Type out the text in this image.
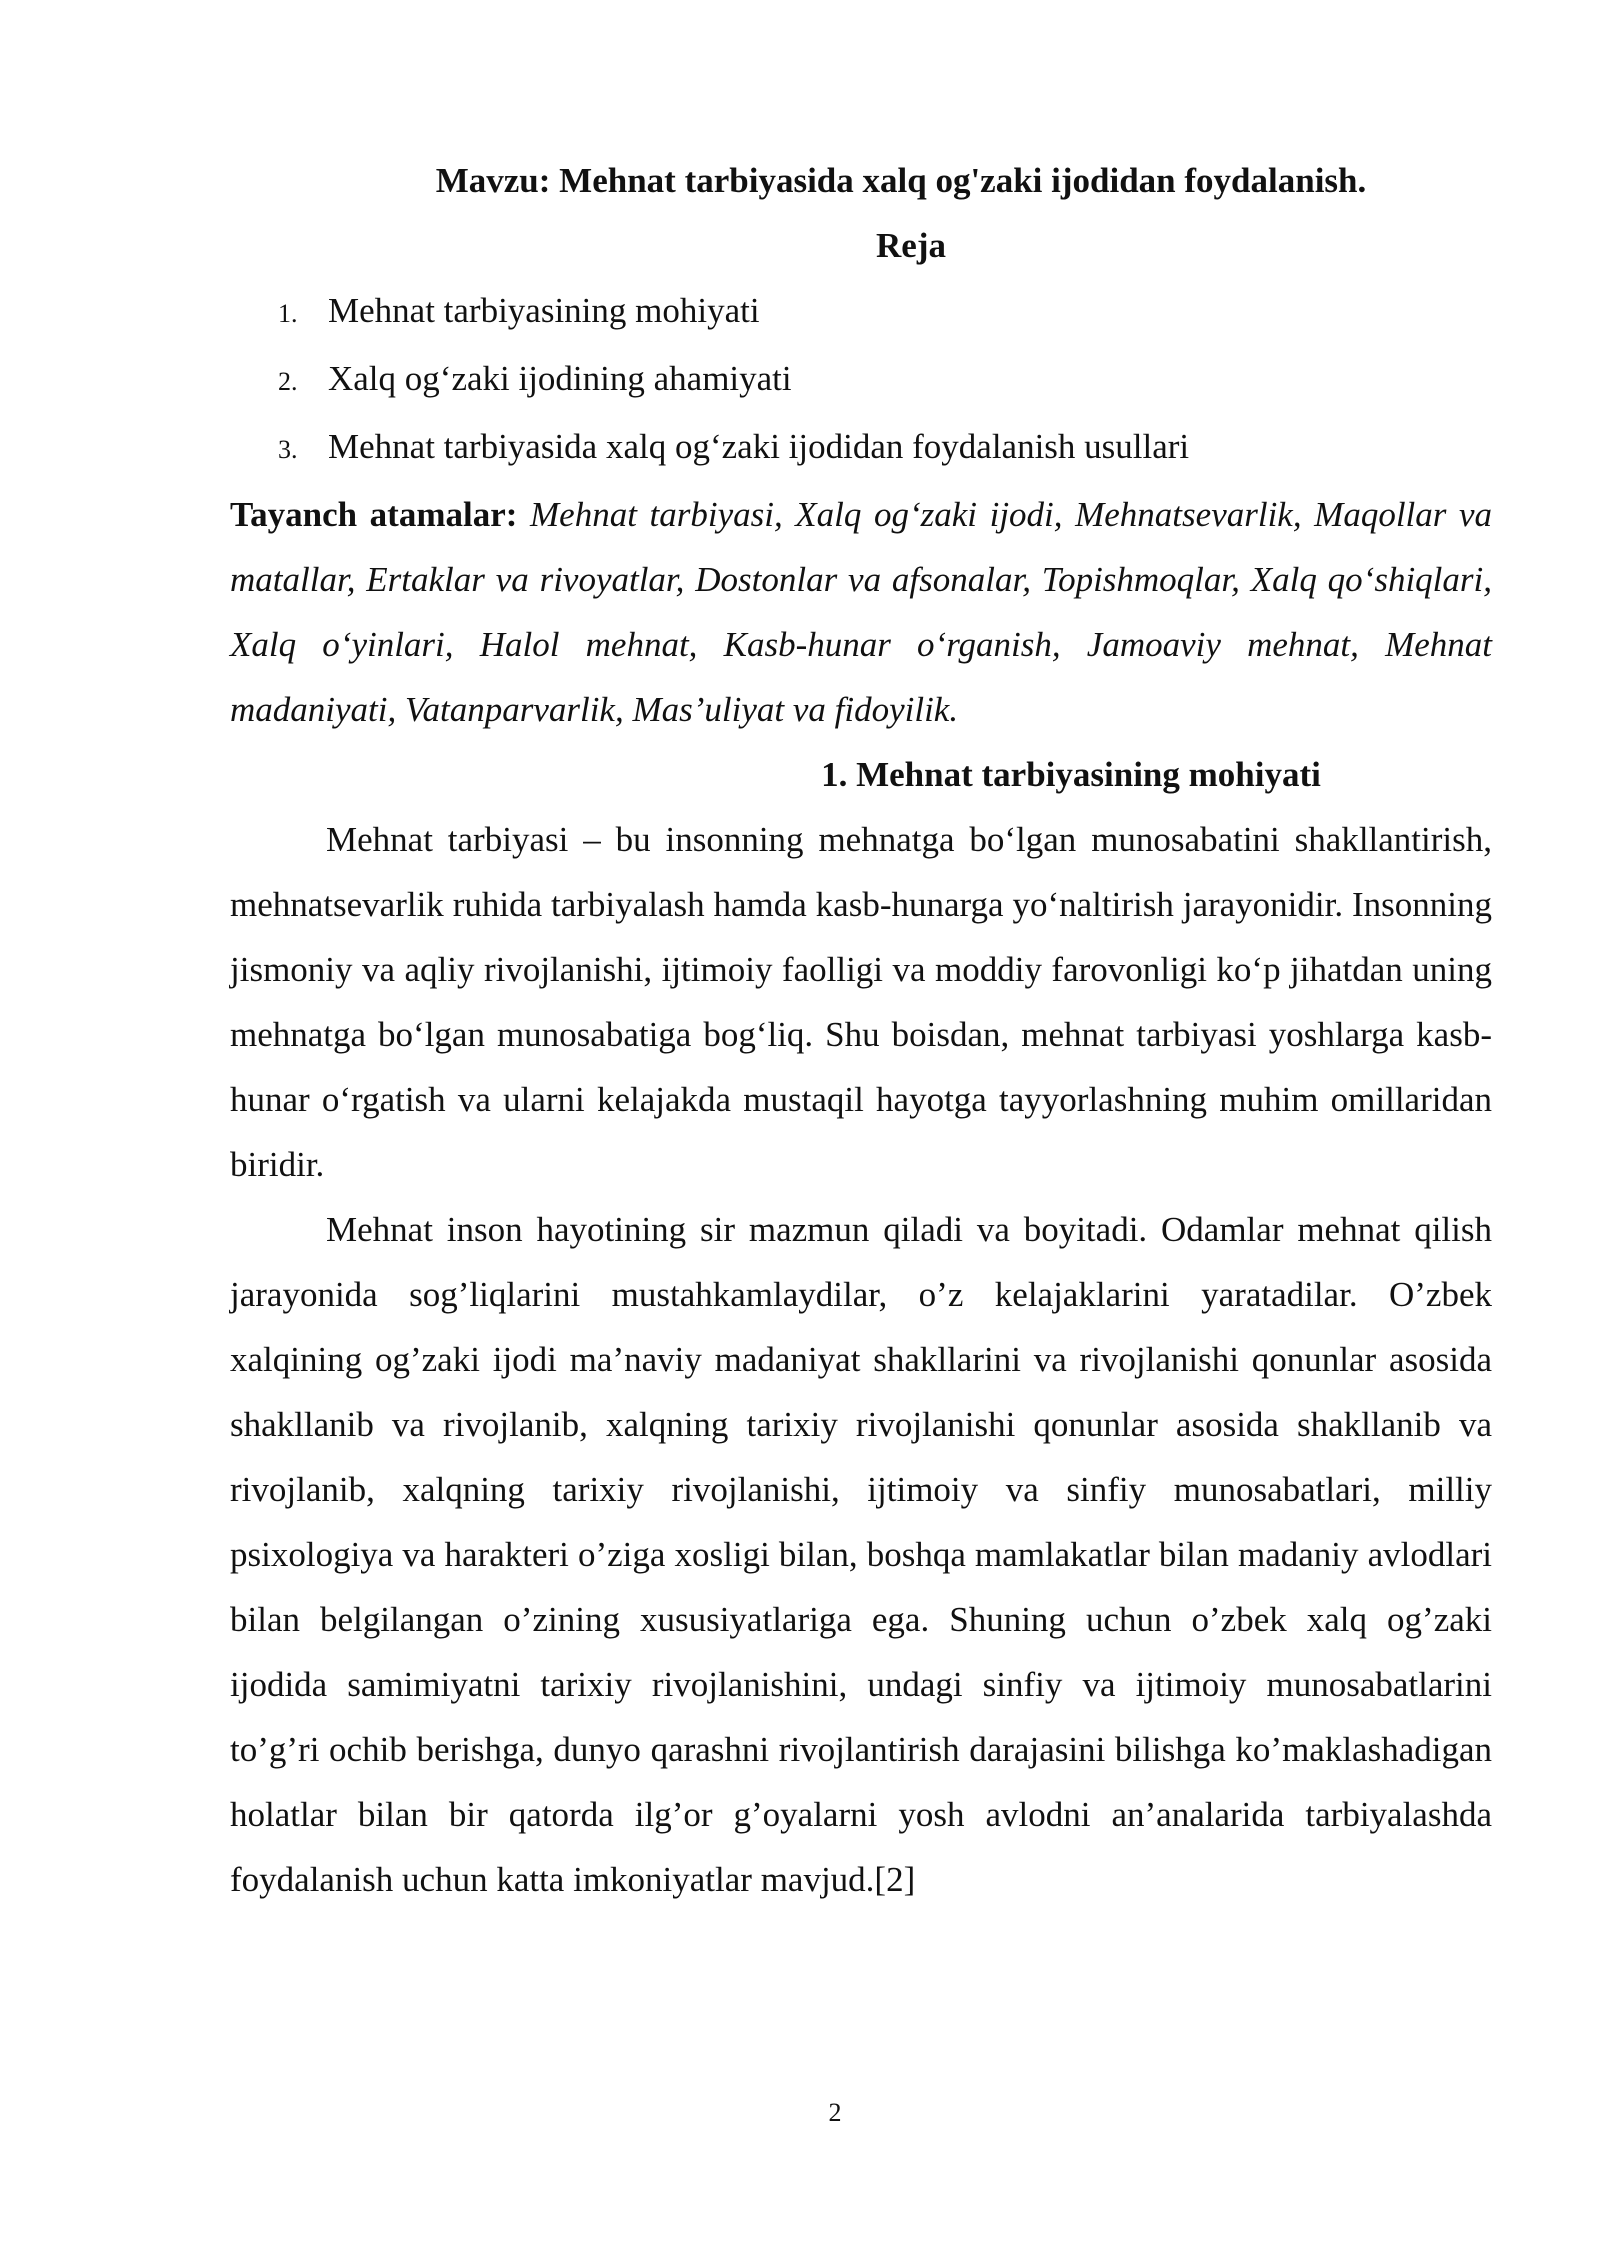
Mavzu: Mehnat tarbiyasida xalq og'zaki ijodidan foydalanish.

Reja

1. Mehnat tarbiyasining mohiyati
2. Xalq og‘zaki ijodining ahamiyati
3. Mehnat tarbiyasida xalq og‘zaki ijodidan foydalanish usullari

Tayanch atamalar: Mehnat tarbiyasi, Xalq og‘zaki ijodi, Mehnatsevarlik, Maqollar va matallar, Ertaklar va rivoyatlar, Dostonlar va afsonalar, Topishmoqlar, Xalq qo‘shiqlari, Xalq o‘yinlari, Halol mehnat, Kasb-hunar o‘rganish, Jamoaviy mehnat, Mehnat madaniyati, Vatanparvarlik, Mas’uliyat va fidoyilik.

1. Mehnat tarbiyasining mohiyati

Mehnat tarbiyasi – bu insonning mehnatga bo‘lgan munosabatini shakllantirish, mehnatsevarlik ruhida tarbiyalash hamda kasb-hunarga yo‘naltirish jarayonidir. Insonning jismoniy va aqliy rivojlanishi, ijtimoiy faolligi va moddiy farovonligi ko‘p jihatdan uning mehnatga bo‘lgan munosabatiga bog‘liq. Shu boisdan, mehnat tarbiyasi yoshlarga kasb-hunar o‘rgatish va ularni kelajakda mustaqil hayotga tayyorlashning muhim omillaridan biridir.

Mehnat inson hayotining sir mazmun qiladi va boyitadi. Odamlar mehnat qilish jarayonida sog’liqlarini mustahkamlaydilar, o’z kelajaklarini yaratadilar. O’zbek xalqining og’zaki ijodi ma’naviy madaniyat shakllarini va rivojlanishi qonunlar asosida shakllanib va rivojlanib, xalqning tarixiy rivojlanishi qonunlar asosida shakllanib va rivojlanib, xalqning tarixiy rivojlanishi, ijtimoiy va sinfiy munosabatlari, milliy psixologiya va harakteri o’ziga xosligi bilan, boshqa mamlakatlar bilan madaniy avlodlari bilan belgilangan o’zining xususiyatlariga ega. Shuning uchun o’zbek xalq og’zaki ijodida samimiyatni tarixiy rivojlanishini, undagi sinfiy va ijtimoiy munosabatlarini to’g’ri ochib berishga, dunyo qarashni rivojlantirish darajasini bilishga ko’maklashadigan holatlar bilan bir qatorda ilg’or g’oyalarni yosh avlodni an’analarida tarbiyalashda foydalanish uchun katta imkoniyatlar mavjud.[2]

2
